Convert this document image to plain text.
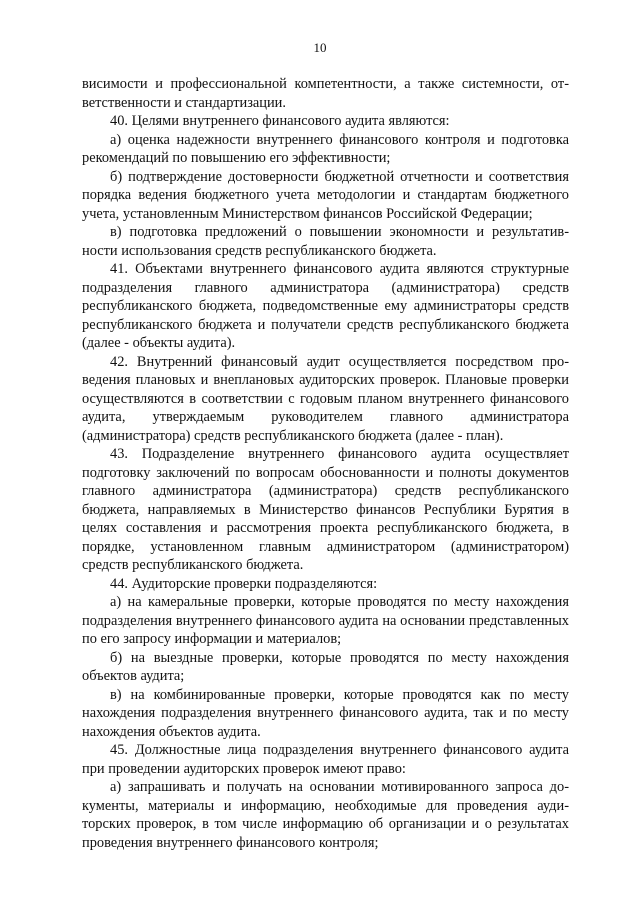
10

висимости и профессиональной компетентности, а также системности, ответственности и стандартизации.

40. Целями внутреннего финансового аудита являются:

а) оценка надежности внутреннего финансового контроля и подготовка рекомендаций по повышению его эффективности;

б) подтверждение достоверности бюджетной отчетности и соответствия порядка ведения бюджетного учета методологии и стандартам бюджетного учета, установленным Министерством финансов Российской Федерации;

в) подготовка предложений о повышении экономности и результативности использования средств республиканского бюджета.

41. Объектами внутреннего финансового аудита являются структурные подразделения главного администратора (администратора) средств республиканского бюджета, подведомственные ему администраторы средств республиканского бюджета и получатели средств республиканского бюджета (далее - объекты аудита).

42. Внутренний финансовый аудит осуществляется посредством проведения плановых и внеплановых аудиторских проверок. Плановые проверки осуществляются в соответствии с годовым планом внутреннего финансового аудита, утверждаемым руководителем главного администратора (администратора) средств республиканского бюджета (далее - план).

43. Подразделение внутреннего финансового аудита осуществляет подготовку заключений по вопросам обоснованности и полноты документов главного администратора (администратора) средств республиканского бюджета, направляемых в Министерство финансов Республики Бурятия в целях составления и рассмотрения проекта республиканского бюджета, в порядке, установленном главным администратором (администратором) средств республиканского бюджета.

44. Аудиторские проверки подразделяются:

а) на камеральные проверки, которые проводятся по месту нахождения подразделения внутреннего финансового аудита на основании представленных по его запросу информации и материалов;

б) на выездные проверки, которые проводятся по месту нахождения объектов аудита;

в) на комбинированные проверки, которые проводятся как по месту нахождения подразделения внутреннего финансового аудита, так и по месту нахождения объектов аудита.

45. Должностные лица подразделения внутреннего финансового аудита при проведении аудиторских проверок имеют право:

а) запрашивать и получать на основании мотивированного запроса документы, материалы и информацию, необходимые для проведения аудиторских проверок, в том числе информацию об организации и о результатах проведения внутреннего финансового контроля;
